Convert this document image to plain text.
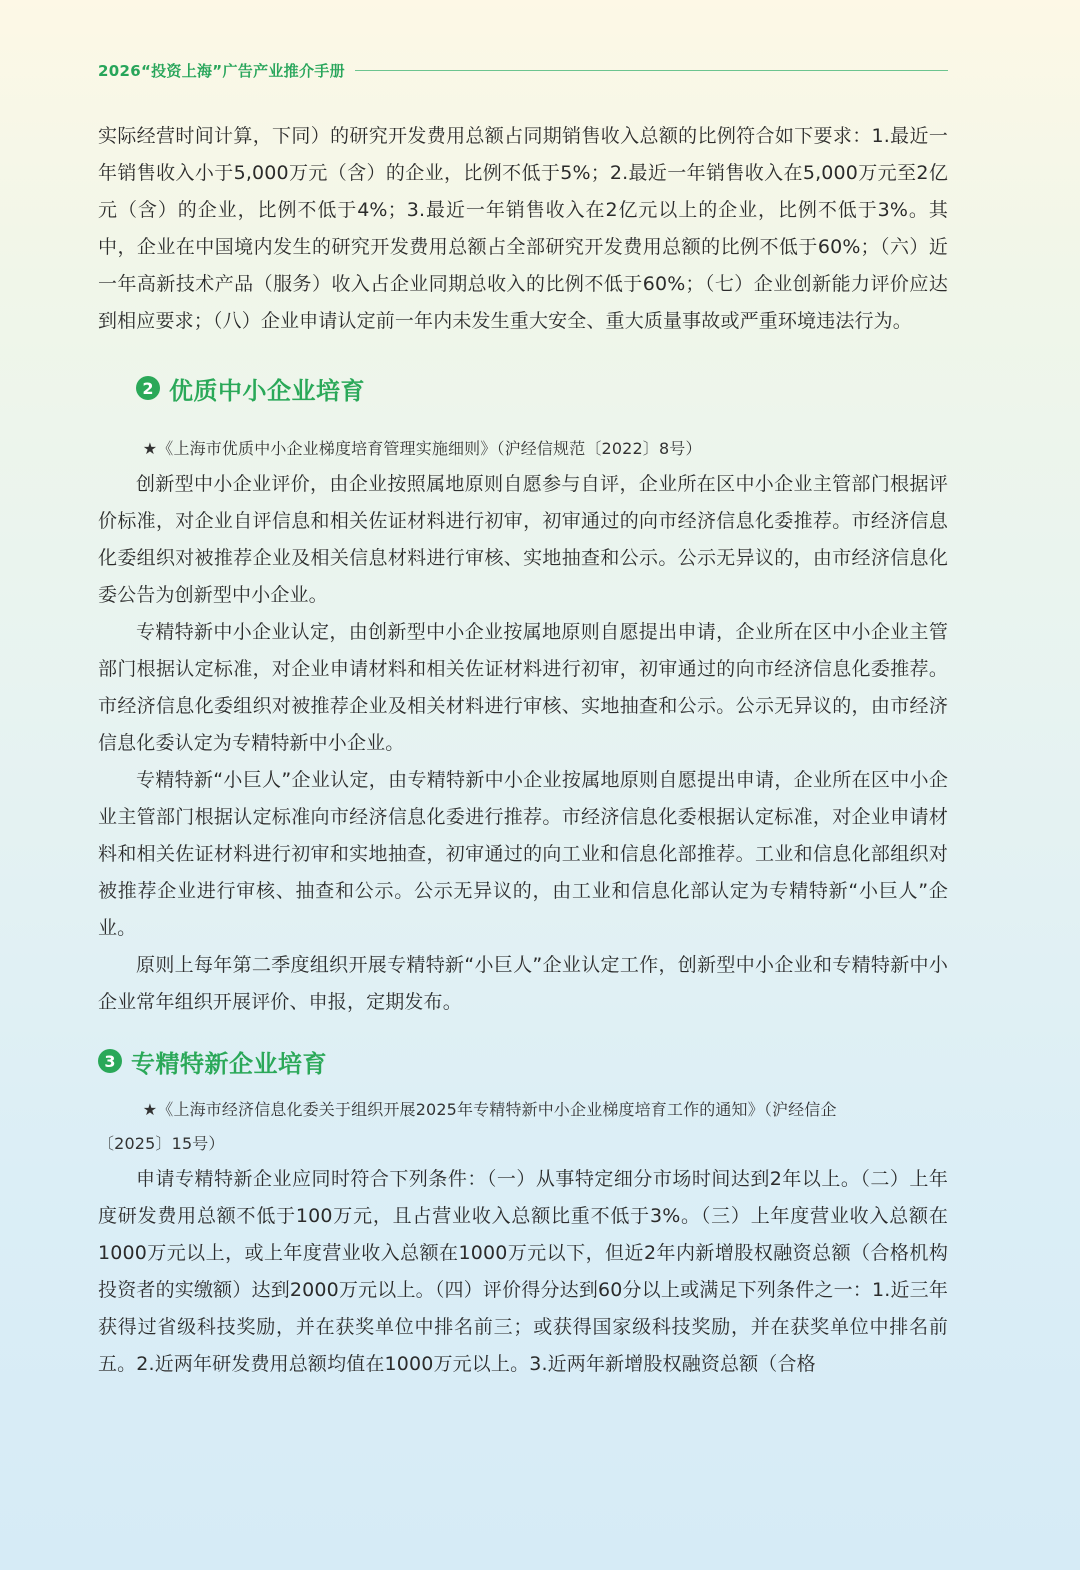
2026“投资上海”广告产业推介手册

实际经营时间计算，下同）的研究开发费用总额占同期销售收入总额的比例符合如下要求：1.最近一年销售收入小于5,000万元（含）的企业，比例不低于5%；2.最近一年销售收入在5,000万元至2亿元（含）的企业，比例不低于4%；3.最近一年销售收入在2亿元以上的企业，比例不低于3%。其中，企业在中国境内发生的研究开发费用总额占全部研究开发费用总额的比例不低于60%；（六）近一年高新技术产品（服务）收入占企业同期总收入的比例不低于60%；（七）企业创新能力评价应达到相应要求；（八）企业申请认定前一年内未发生重大安全、重大质量事故或严重环境违法行为。

2 优质中小企业培育

★《上海市优质中小企业梯度培育管理实施细则》（沪经信规范〔2022〕8号）

创新型中小企业评价，由企业按照属地原则自愿参与自评，企业所在区中小企业主管部门根据评价标准，对企业自评信息和相关佐证材料进行初审，初审通过的向市经济信息化委推荐。市经济信息化委组织对被推荐企业及相关信息材料进行审核、实地抽查和公示。公示无异议的，由市经济信息化委公告为创新型中小企业。

专精特新中小企业认定，由创新型中小企业按属地原则自愿提出申请，企业所在区中小企业主管部门根据认定标准，对企业申请材料和相关佐证材料进行初审，初审通过的向市经济信息化委推荐。市经济信息化委组织对被推荐企业及相关材料进行审核、实地抽查和公示。公示无异议的，由市经济信息化委认定为专精特新中小企业。

专精特新“小巨人”企业认定，由专精特新中小企业按属地原则自愿提出申请，企业所在区中小企业主管部门根据认定标准向市经济信息化委进行推荐。市经济信息化委根据认定标准，对企业申请材料和相关佐证材料进行初审和实地抽查，初审通过的向工业和信息化部推荐。工业和信息化部组织对被推荐企业进行审核、抽查和公示。公示无异议的，由工业和信息化部认定为专精特新“小巨人”企业。

原则上每年第二季度组织开展专精特新“小巨人”企业认定工作，创新型中小企业和专精特新中小企业常年组织开展评价、申报，定期发布。

3 专精特新企业培育

★《上海市经济信息化委关于组织开展2025年专精特新中小企业梯度培育工作的通知》（沪经信企

〔2025〕15号）

申请专精特新企业应同时符合下列条件：（一）从事特定细分市场时间达到2年以上。（二）上年度研发费用总额不低于100万元，且占营业收入总额比重不低于3%。（三）上年度营业收入总额在1000万元以上，或上年度营业收入总额在1000万元以下，但近2年内新增股权融资总额（合格机构投资者的实缴额）达到2000万元以上。（四）评价得分达到60分以上或满足下列条件之一：1.近三年获得过省级科技奖励，并在获奖单位中排名前三；或获得国家级科技奖励，并在获奖单位中排名前五。2.近两年研发费用总额均值在1000万元以上。3.近两年新增股权融资总额（合格
